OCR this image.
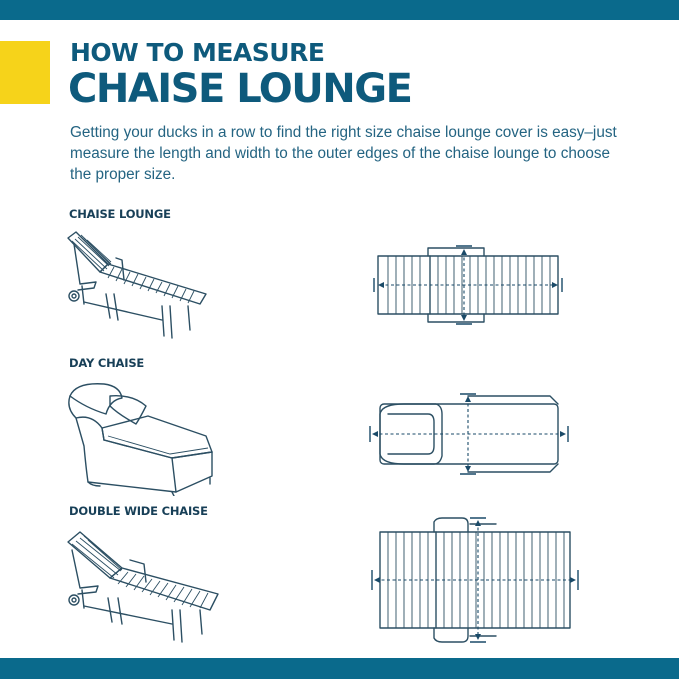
HOW TO MEASURE
CHAISE LOUNGE

Getting your ducks in a row to find the right size chaise lounge cover is easy–just measure the length and width to the outer edges of the chaise lounge to choose the proper size.

CHAISE LOUNGE
DAY CHAISE
DOUBLE WIDE CHAISE
